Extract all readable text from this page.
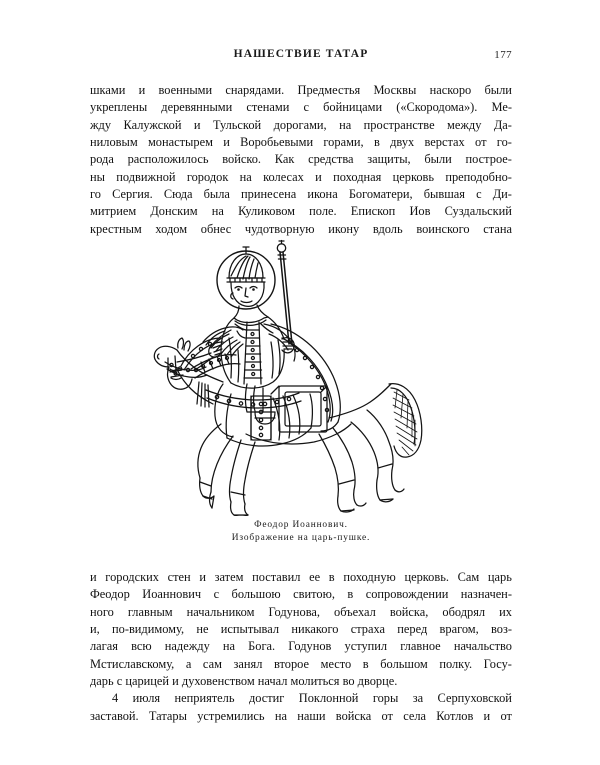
НАШЕСТВИЕ ТАТАР	177

шками и военными снарядами. Предместья Москвы наскоро были
укреплены деревянными стенами с бойницами («Скородома»). Ме-
жду Калужской и Тульской дорогами, на пространстве между Да-
ниловым монастырем и Воробьевыми горами, в двух верстах от го-
рода расположилось войско. Как средства защиты, были построе-
ны подвижной городок на колесах и походная церковь преподобно-
го Сергия. Сюда была принесена икона Богоматери, бывшая с Ди-
митрием Донским на Куликовом поле. Епископ Иов Суздальский
крестным ходом обнес чудотворную икону вдоль воинского стана

Феодор Иоаннович.
Изображение на царь-пушке.

и городских стен и затем поставил ее в походную церковь. Сам царь
Феодор Иоаннович с большою свитою, в сопровождении назначен-
ного главным начальником Годунова, объехал войска, ободрял их
и, по-видимому, не испытывал никакого страха перед врагом, воз-
лагая всю надежду на Бога. Годунов уступил главное начальство
Мстиславскому, а сам занял второе место в большом полку. Госу-
дарь с царицей и духовенством начал молиться во дворце.

4 июля неприятель достиг Поклонной горы за Серпуховской
заставой. Татары устремились на наши войска от села Котлов и от
